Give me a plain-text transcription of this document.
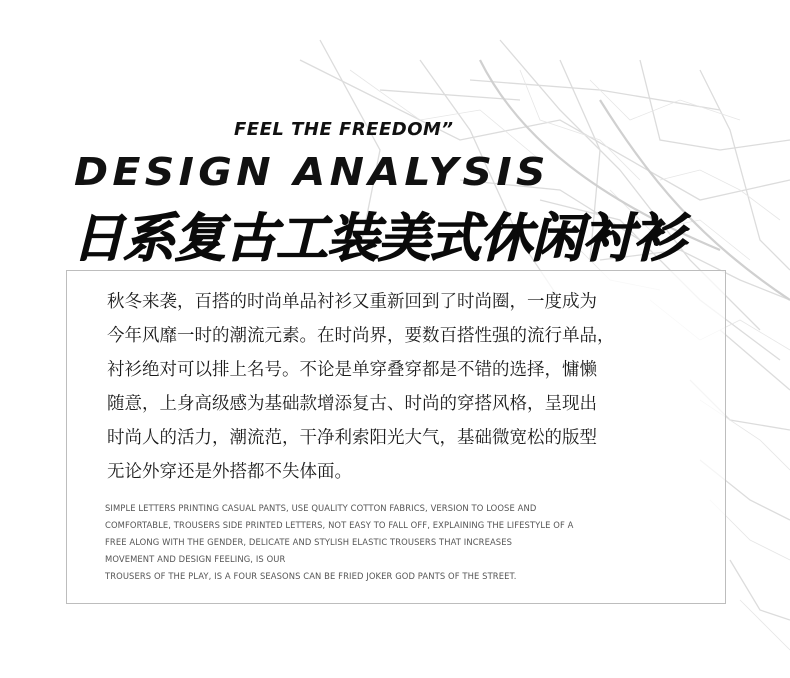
FEEL THE FREEDOM”
DESIGN ANALYSIS
日系复古工装美式休闲衬衫

秋冬来袭，百搭的时尚单品衬衫又重新回到了时尚圈，一度成为
今年风靡一时的潮流元素。在时尚界，要数百搭性强的流行单品，
衬衫绝对可以排上名号。不论是单穿叠穿都是不错的选择，慵懒
随意，上身高级感为基础款增添复古、时尚的穿搭风格，呈现出
时尚人的活力，潮流范，干净利索阳光大气，基础微宽松的版型
无论外穿还是外搭都不失体面。

SIMPLE LETTERS PRINTING CASUAL PANTS, USE QUALITY COTTON FABRICS, VERSION TO LOOSE AND
COMFORTABLE, TROUSERS SIDE PRINTED LETTERS, NOT EASY TO FALL OFF, EXPLAINING THE LIFESTYLE OF A
FREE ALONG WITH THE GENDER, DELICATE AND STYLISH ELASTIC TROUSERS THAT INCREASES
MOVEMENT AND DESIGN FEELING, IS OUR
TROUSERS OF THE PLAY, IS A FOUR SEASONS CAN BE FRIED JOKER GOD PANTS OF THE STREET.
